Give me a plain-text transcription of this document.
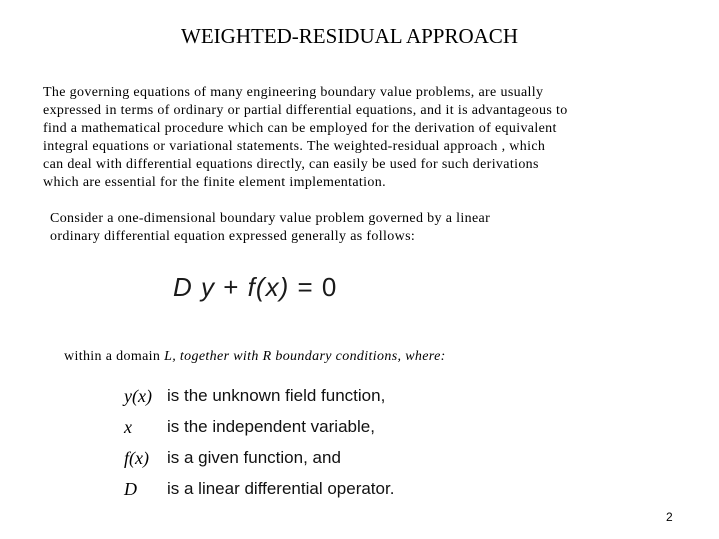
WEIGHTED-RESIDUAL APPROACH
The governing equations of many engineering boundary value problems, are usually
expressed in terms of ordinary or partial differential equations, and it is advantageous to
find a mathematical procedure which can be employed for the derivation of equivalent
integral equations or variational statements. The weighted-residual approach , which
can deal with differential equations directly, can easily be used for such derivations
which are essential for the finite element implementation.
Consider a one-dimensional boundary value problem governed by a linear
ordinary differential equation expressed generally as follows:
D y + f(x) = 0
within a domain L, together with R boundary conditions, where:
y(x) is the unknown field function,
x is the independent variable,
f(x) is a given function, and
D is a linear differential operator.
2
